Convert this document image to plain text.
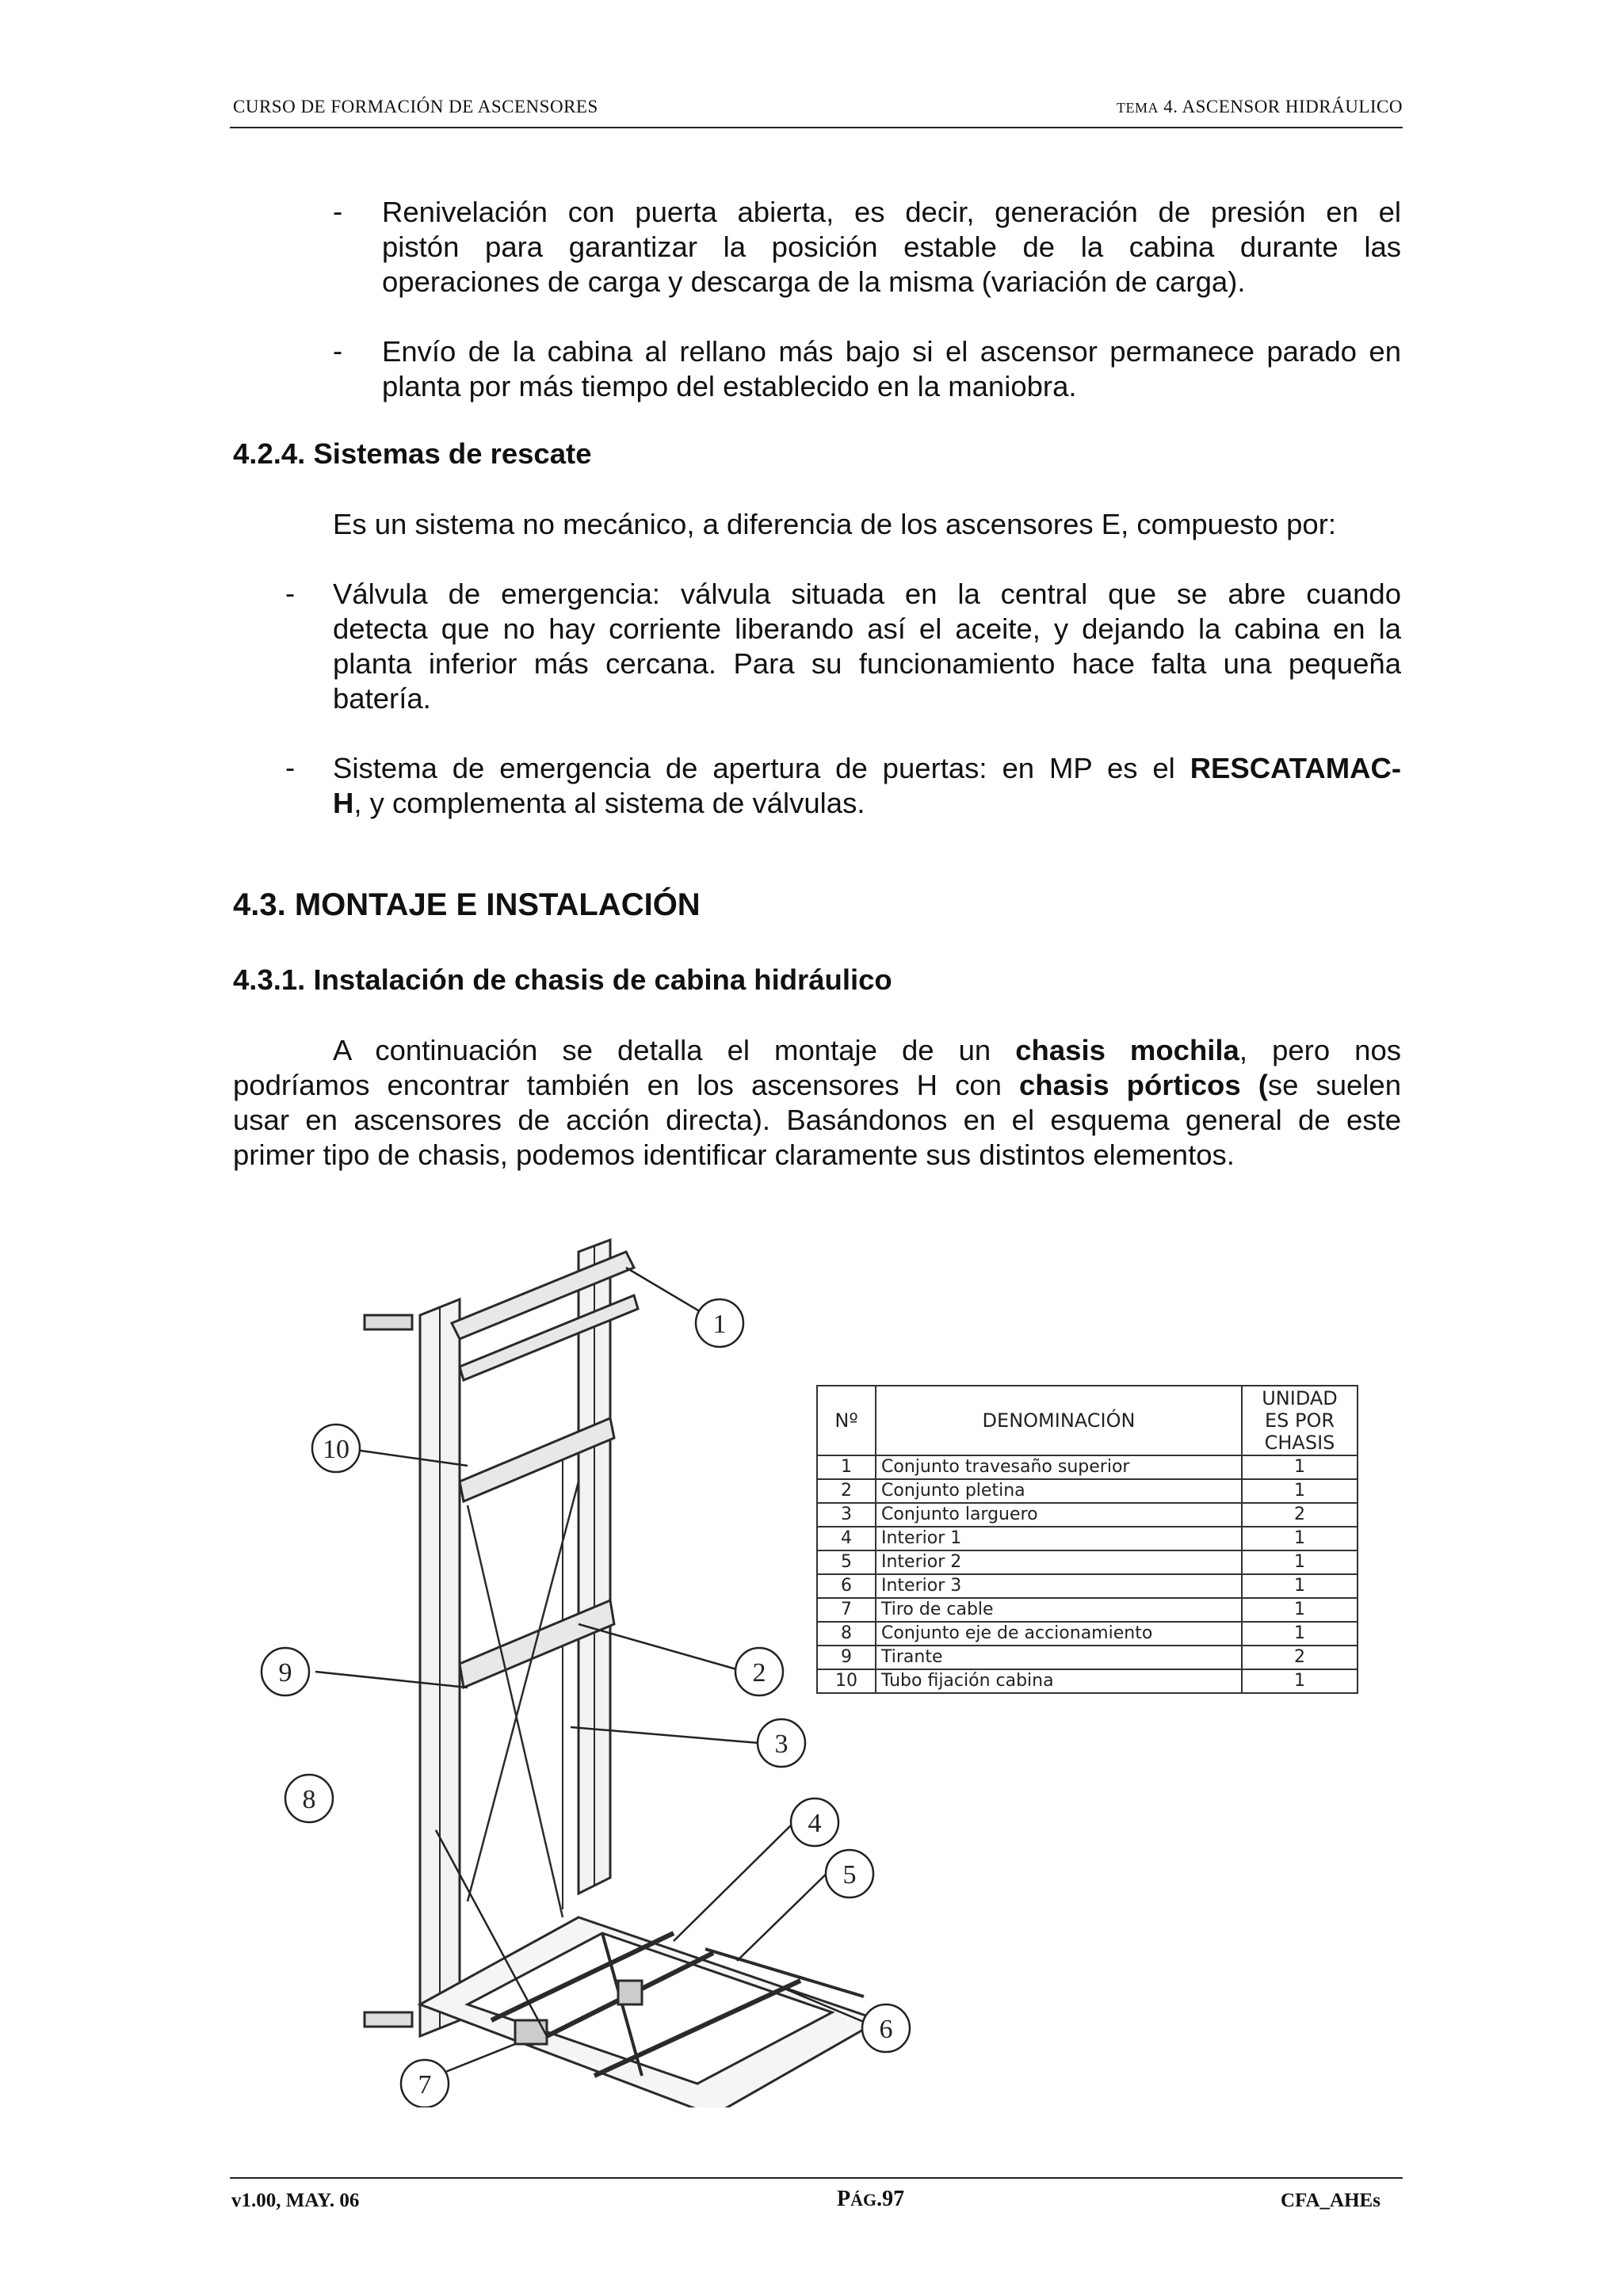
CURSO DE FORMACIÓN DE ASCENSORES	TEMA 4. ASCENSOR HIDRÁULICO
- Renivelación con puerta abierta, es decir, generación de presión en el
pistón para garantizar la posición estable de la cabina durante las
operaciones de carga y descarga de la misma (variación de carga).
- Envío de la cabina al rellano más bajo si el ascensor permanece parado en
planta por más tiempo del establecido en la maniobra.
4.2.4. Sistemas de rescate
Es un sistema no mecánico, a diferencia de los ascensores E, compuesto por:
- Válvula de emergencia: válvula situada en la central que se abre cuando
detecta que no hay corriente liberando así el aceite, y dejando la cabina en la
planta inferior más cercana. Para su funcionamiento hace falta una pequeña
batería.
- Sistema de emergencia de apertura de puertas: en MP es el RESCATAMAC-
H, y complementa al sistema de válvulas.
4.3. MONTAJE E INSTALACIÓN
4.3.1. Instalación de chasis de cabina hidráulico
A continuación se detalla el montaje de un chasis mochila, pero nos
podríamos encontrar también en los ascensores H con chasis pórticos (se suelen
usar en ascensores de acción directa). Basándonos en el esquema general de este
primer tipo de chasis, podemos identificar claramente sus distintos elementos.
1
2
3
4
5
6
7
8
9
10
Nº	DENOMINACIÓN	UNIDAD
ES POR
CHASIS
1	Conjunto travesaño superior	1
2	Conjunto pletina	1
3	Conjunto larguero	2
4	Interior 1	1
5	Interior 2	1
6	Interior 3	1
7	Tiro de cable	1
8	Conjunto eje de accionamiento	1
9	Tirante	2
10	Tubo fijación cabina	1
v1.00, MAY. 06	PÁG.97	CFA_AHEs
